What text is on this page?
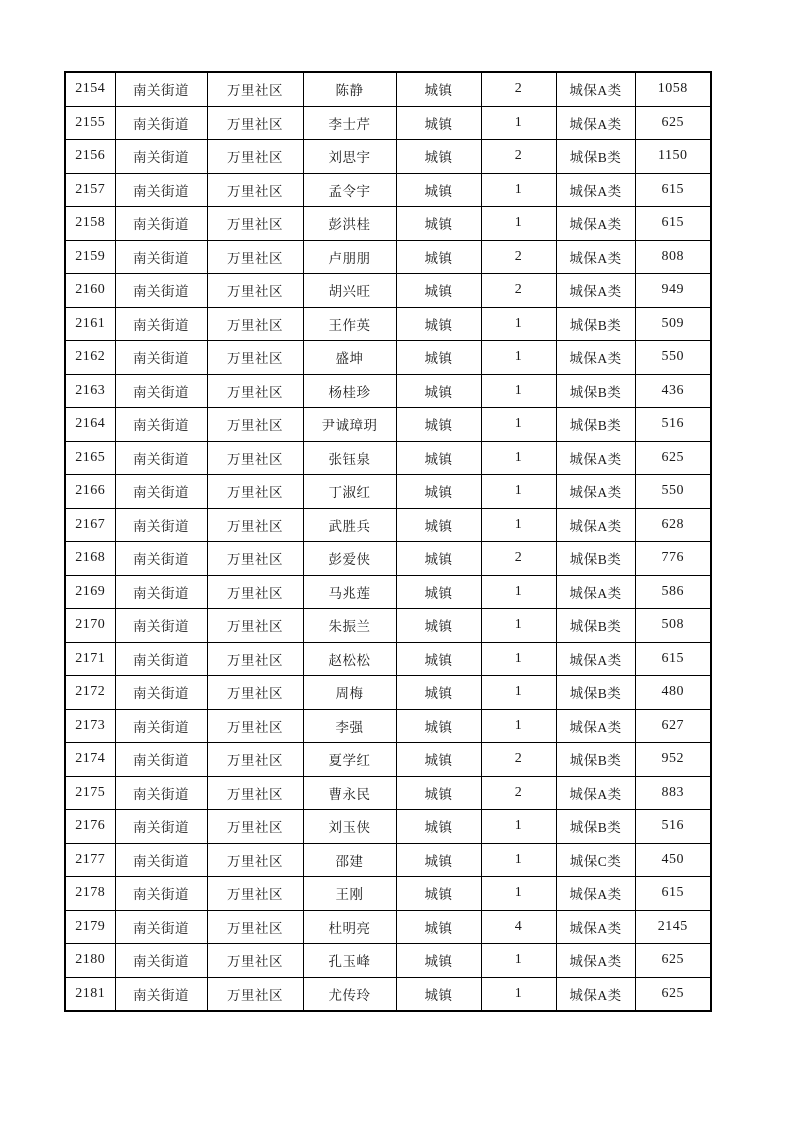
2154	南关街道	万里社区	陈静	城镇	2	城保A类	1058
2155	南关街道	万里社区	李士芹	城镇	1	城保A类	625
2156	南关街道	万里社区	刘思宇	城镇	2	城保B类	1150
2157	南关街道	万里社区	孟令宇	城镇	1	城保A类	615
2158	南关街道	万里社区	彭洪桂	城镇	1	城保A类	615
2159	南关街道	万里社区	卢朋朋	城镇	2	城保A类	808
2160	南关街道	万里社区	胡兴旺	城镇	2	城保A类	949
2161	南关街道	万里社区	王作英	城镇	1	城保B类	509
2162	南关街道	万里社区	盛坤	城镇	1	城保A类	550
2163	南关街道	万里社区	杨桂珍	城镇	1	城保B类	436
2164	南关街道	万里社区	尹诚璋玥	城镇	1	城保B类	516
2165	南关街道	万里社区	张钰泉	城镇	1	城保A类	625
2166	南关街道	万里社区	丁淑红	城镇	1	城保A类	550
2167	南关街道	万里社区	武胜兵	城镇	1	城保A类	628
2168	南关街道	万里社区	彭爱侠	城镇	2	城保B类	776
2169	南关街道	万里社区	马兆莲	城镇	1	城保A类	586
2170	南关街道	万里社区	朱振兰	城镇	1	城保B类	508
2171	南关街道	万里社区	赵松松	城镇	1	城保A类	615
2172	南关街道	万里社区	周梅	城镇	1	城保B类	480
2173	南关街道	万里社区	李强	城镇	1	城保A类	627
2174	南关街道	万里社区	夏学红	城镇	2	城保B类	952
2175	南关街道	万里社区	曹永民	城镇	2	城保A类	883
2176	南关街道	万里社区	刘玉侠	城镇	1	城保B类	516
2177	南关街道	万里社区	邵建	城镇	1	城保C类	450
2178	南关街道	万里社区	王刚	城镇	1	城保A类	615
2179	南关街道	万里社区	杜明亮	城镇	4	城保A类	2145
2180	南关街道	万里社区	孔玉峰	城镇	1	城保A类	625
2181	南关街道	万里社区	尤传玲	城镇	1	城保A类	625
